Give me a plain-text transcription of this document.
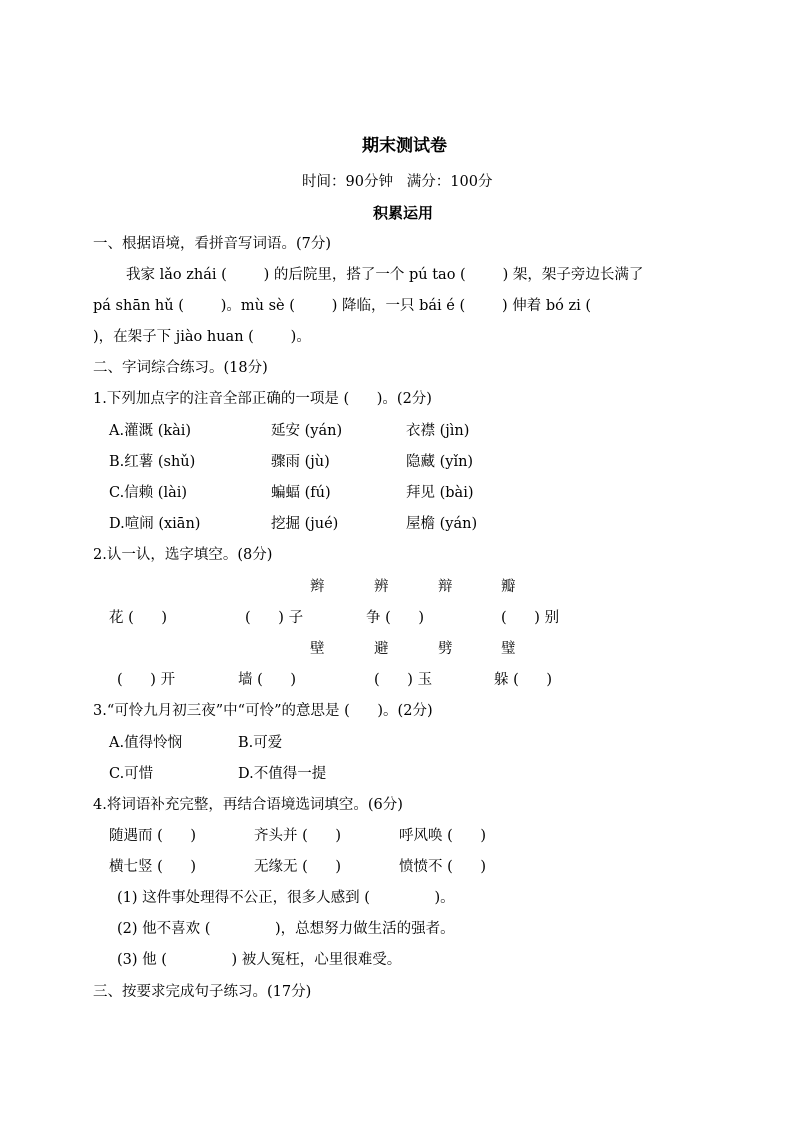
期末测试卷
时间：90分钟   满分：100分
积累运用
一、根据语境，看拼音写词语。(7分)
我家 lǎo zhái (        ) 的后院里，搭了一个 pú tao (        ) 架，架子旁边长满了
pá shān hǔ (        )。mù sè (        ) 降临，一只 bái é (        ) 伸着 bó zi (
)，在架子下 jiào huan (        )。
二、字词综合练习。(18分)
1.下列加点字的注音全部正确的一项是 (      )。(2分)
A.灌溉 (kài)	延安 (yán)	衣襟 (jìn)
B.红薯 (shǔ)	骤雨 (jù)	隐藏 (yǐn)
C.信赖 (lài)	蝙蝠 (fú)	拜见 (bài)
D.喧闹 (xiān)	挖掘 (jué)	屋檐 (yán)
2.认一认，选字填空。(8分)
辫	辨	辩	瓣
花 (      )	(      ) 子	争 (      )	(      ) 别
壁	避	劈	璧
(      ) 开	墙 (      )	(      ) 玉	躲 (      )
3.“可怜九月初三夜”中“可怜”的意思是 (      )。(2分)
A.值得怜悯	B.可爱
C.可惜	D.不值得一提
4.将词语补充完整，再结合语境选词填空。(6分)
随遇而 (      )	齐头并 (      )	呼风唤 (      )
横七竖 (      )	无缘无 (      )	愤愤不 (      )
(1) 这件事处理得不公正，很多人感到 (              )。
(2) 他不喜欢 (              )，总想努力做生活的强者。
(3) 他 (              ) 被人冤枉，心里很难受。
三、按要求完成句子练习。(17分)
